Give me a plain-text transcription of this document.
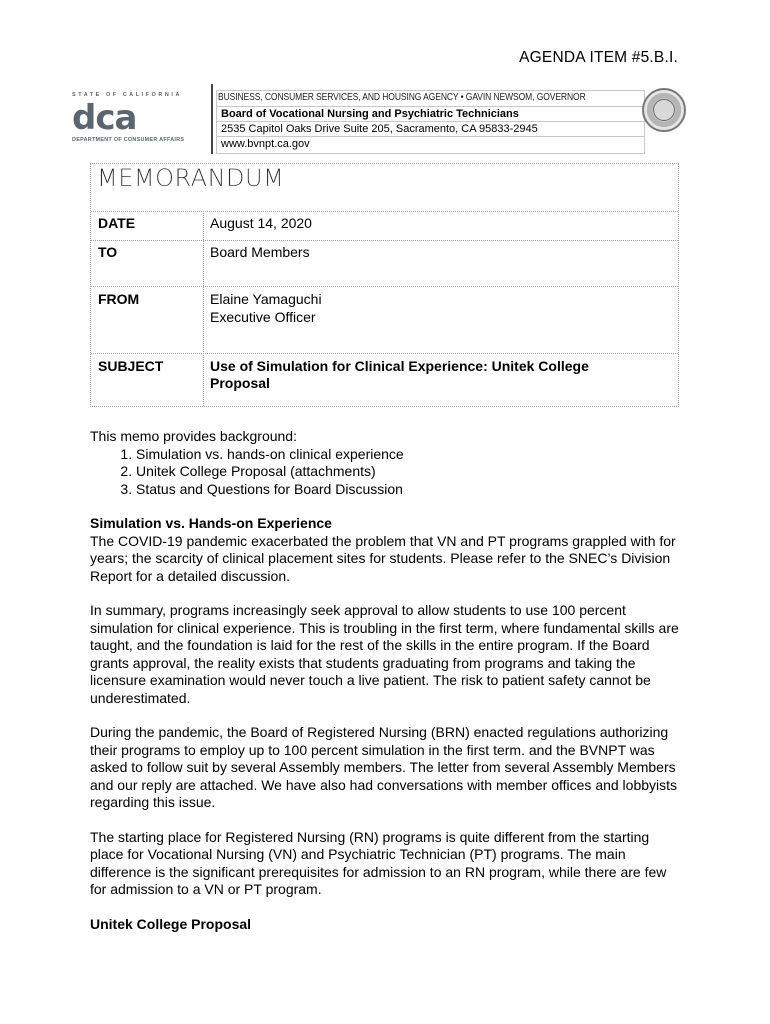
AGENDA ITEM #5.B.I.
STATE OF CALIFORNIA
dca
DEPARTMENT OF CONSUMER AFFAIRS
BUSINESS, CONSUMER SERVICES, AND HOUSING AGENCY • GAVIN NEWSOM, GOVERNOR
Board of Vocational Nursing and Psychiatric Technicians
2535 Capitol Oaks Drive Suite 205, Sacramento, CA 95833-2945
www.bvnpt.ca.gov
MEMORANDUM
DATE	August 14, 2020
TO	Board Members
FROM	Elaine Yamaguchi
Executive Officer
SUBJECT	Use of Simulation for Clinical Experience: Unitek College
Proposal

This memo provides background:

1. Simulation vs. hands-on clinical experience
2. Unitek College Proposal (attachments)
3. Status and Questions for Board Discussion

Simulation vs. Hands-on Experience

The COVID-19 pandemic exacerbated the problem that VN and PT programs grappled with for years; the scarcity of clinical placement sites for students. Please refer to the SNEC’s Division Report for a detailed discussion.

In summary, programs increasingly seek approval to allow students to use 100 percent simulation for clinical experience. This is troubling in the first term, where fundamental skills are taught, and the foundation is laid for the rest of the skills in the entire program. If the Board grants approval, the reality exists that students graduating from programs and taking the licensure examination would never touch a live patient. The risk to patient safety cannot be underestimated.

During the pandemic, the Board of Registered Nursing (BRN) enacted regulations authorizing their programs to employ up to 100 percent simulation in the first term. and the BVNPT was asked to follow suit by several Assembly members. The letter from several Assembly Members and our reply are attached. We have also had conversations with member offices and lobbyists regarding this issue.

The starting place for Registered Nursing (RN) programs is quite different from the starting place for Vocational Nursing (VN) and Psychiatric Technician (PT) programs. The main difference is the significant prerequisites for admission to an RN program, while there are few for admission to a VN or PT program.

Unitek College Proposal
